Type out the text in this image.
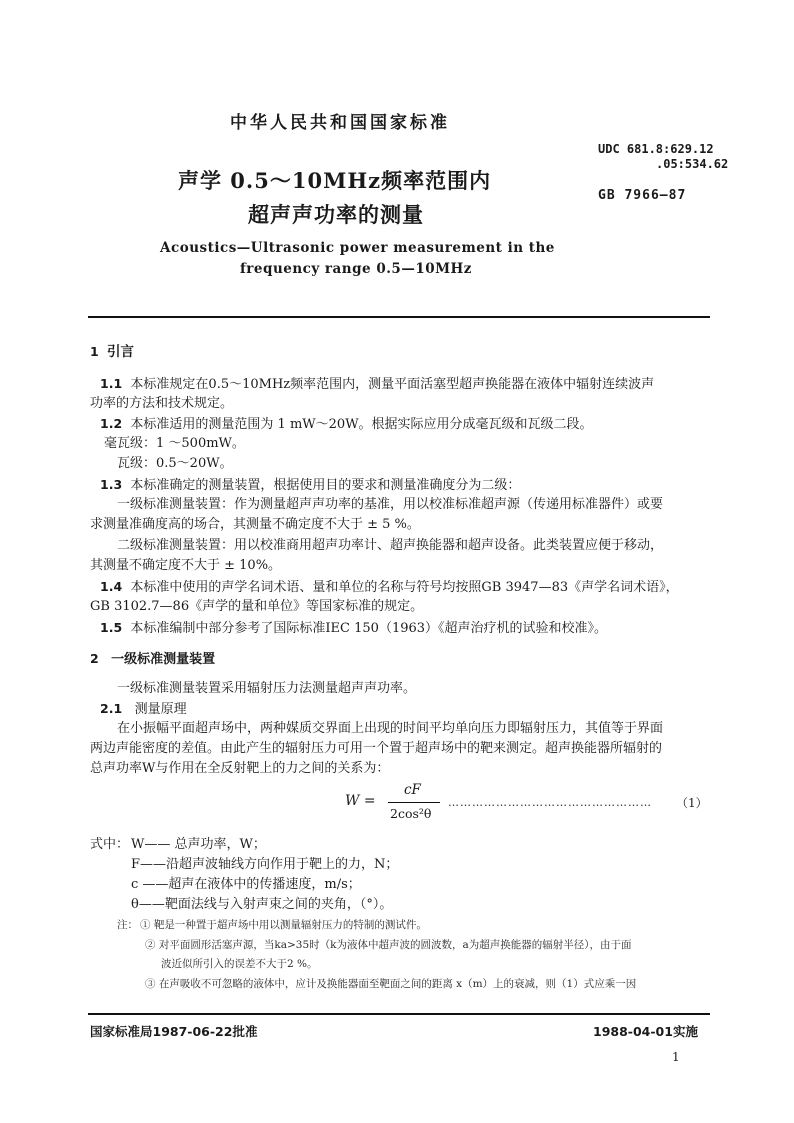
中华人民共和国国家标准
声学 0.5～10MHz频率范围内
超声声功率的测量
UDC 681.8:629.12
.05:534.62
GB 7966—87
Acoustics—Ultrasonic power measurement in the
frequency range 0.5—10MHz
1 引言
1.1 本标准规定在0.5～10MHz频率范围内，测量平面活塞型超声换能器在液体中辐射连续波声
功率的方法和技术规定。
1.2 本标准适用的测量范围为 1 mW～20W。根据实际应用分成毫瓦级和瓦级二段。
毫瓦级：1 ～500mW。
瓦级：0.5～20W。
1.3 本标准确定的测量装置，根据使用目的要求和测量准确度分为二级：
一级标准测量装置：作为测量超声声功率的基准，用以校准标准超声源（传递用标准器件）或要
求测量准确度高的场合，其测量不确定度不大于 ± 5 %。
二级标准测量装置：用以校准商用超声功率计、超声换能器和超声设备。此类装置应便于移动，
其测量不确定度不大于 ± 10%。
1.4 本标准中使用的声学名词术语、量和单位的名称与符号均按照GB 3947—83《声学名词术语》，
GB 3102.7—86《声学的量和单位》等国家标准的规定。
1.5 本标准编制中部分参考了国际标准IEC 150（1963）《超声治疗机的试验和校准》。
2 一级标准测量装置
一级标准测量装置采用辐射压力法测量超声声功率。
2.1 测量原理
在小振幅平面超声场中，两种媒质交界面上出现的时间平均单向压力即辐射压力，其值等于界面
两边声能密度的差值。由此产生的辐射压力可用一个置于超声场中的靶来测定。超声换能器所辐射的
总声功率W与作用在全反射靶上的力之间的关系为：
W =
cF
2cos²θ
…………………………………………… （1）
式中： W—— 总声功率，W；
F——沿超声波轴线方向作用于靶上的力，N；
c ——超声在液体中的传播速度，m/s；
θ——靶面法线与入射声束之间的夹角，（°）。
注： ① 靶是一种置于超声场中用以测量辐射压力的特制的测试件。
② 对平面圆形活塞声源，当ka>35时（k为液体中超声波的圆波数，a为超声换能器的辐射半径），由于面
波近似所引入的误差不大于2 %。
③ 在声吸收不可忽略的液体中，应计及换能器面至靶面之间的距离 x（m）上的衰减，则（1）式应乘一因
国家标准局1987-06-22批准	1988-04-01实施
1
